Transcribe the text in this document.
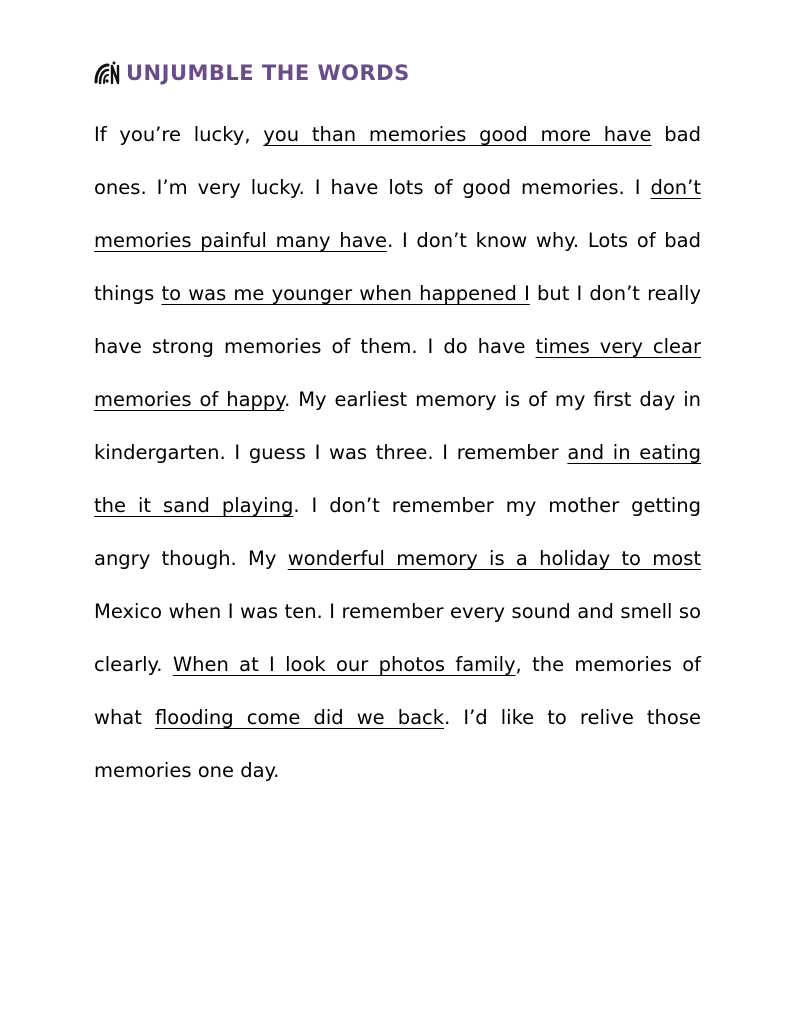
UNJUMBLE THE WORDS

If you’re lucky, you than memories good more have bad ones. I’m very lucky. I have lots of good memories. I don’t memories painful many have. I don’t know why. Lots of bad things to was me younger when happened I but I don’t really have strong memories of them. I do have times very clear memories of happy. My earliest memory is of my first day in kindergarten. I guess I was three. I remember and in eating the it sand playing. I don’t remember my mother getting angry though. My wonderful memory is a holiday to most Mexico when I was ten. I remember every sound and smell so clearly. When at I look our photos family, the memories of what flooding come did we back. I’d like to relive those memories one day.
